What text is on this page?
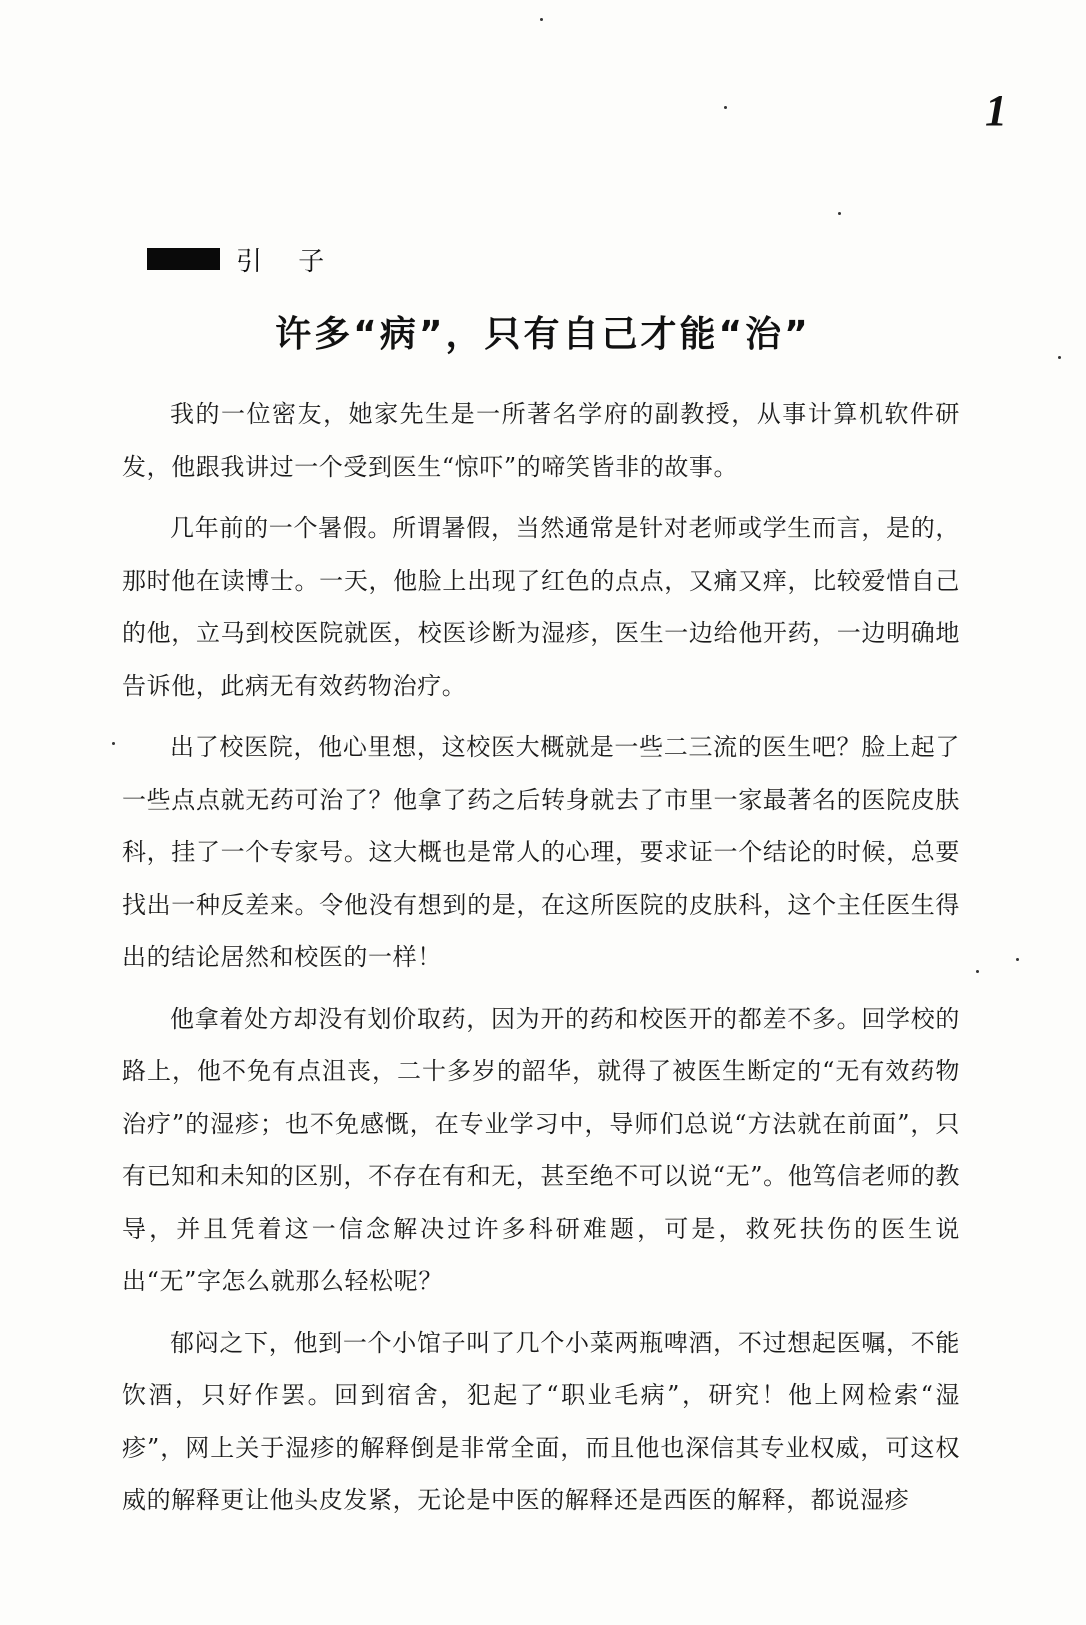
1
引 子
许多“病”，只有自己才能“治”

我的一位密友，她家先生是一所著名学府的副教授，从事计算机软件研发，他跟我讲过一个受到医生“惊吓”的啼笑皆非的故事。

几年前的一个暑假。所谓暑假，当然通常是针对老师或学生而言，是的，那时他在读博士。一天，他脸上出现了红色的点点，又痛又痒，比较爱惜自己的他，立马到校医院就医，校医诊断为湿疹，医生一边给他开药，一边明确地告诉他，此病无有效药物治疗。

出了校医院，他心里想，这校医大概就是一些二三流的医生吧？脸上起了一些点点就无药可治了？他拿了药之后转身就去了市里一家最著名的医院皮肤科，挂了一个专家号。这大概也是常人的心理，要求证一个结论的时候，总要找出一种反差来。令他没有想到的是，在这所医院的皮肤科，这个主任医生得出的结论居然和校医的一样！

他拿着处方却没有划价取药，因为开的药和校医开的都差不多。回学校的路上，他不免有点沮丧，二十多岁的韶华，就得了被医生断定的“无有效药物治疗”的湿疹；也不免感慨，在专业学习中，导师们总说“方法就在前面”，只有已知和未知的区别，不存在有和无，甚至绝不可以说“无”。他笃信老师的教导，并且凭着这一信念解决过许多科研难题，可是，救死扶伤的医生说出“无”字怎么就那么轻松呢？

郁闷之下，他到一个小馆子叫了几个小菜两瓶啤酒，不过想起医嘱，不能饮酒，只好作罢。回到宿舍，犯起了“职业毛病”，研究！他上网检索“湿疹”，网上关于湿疹的解释倒是非常全面，而且他也深信其专业权威，可这权威的解释更让他头皮发紧，无论是中医的解释还是西医的解释，都说湿疹
